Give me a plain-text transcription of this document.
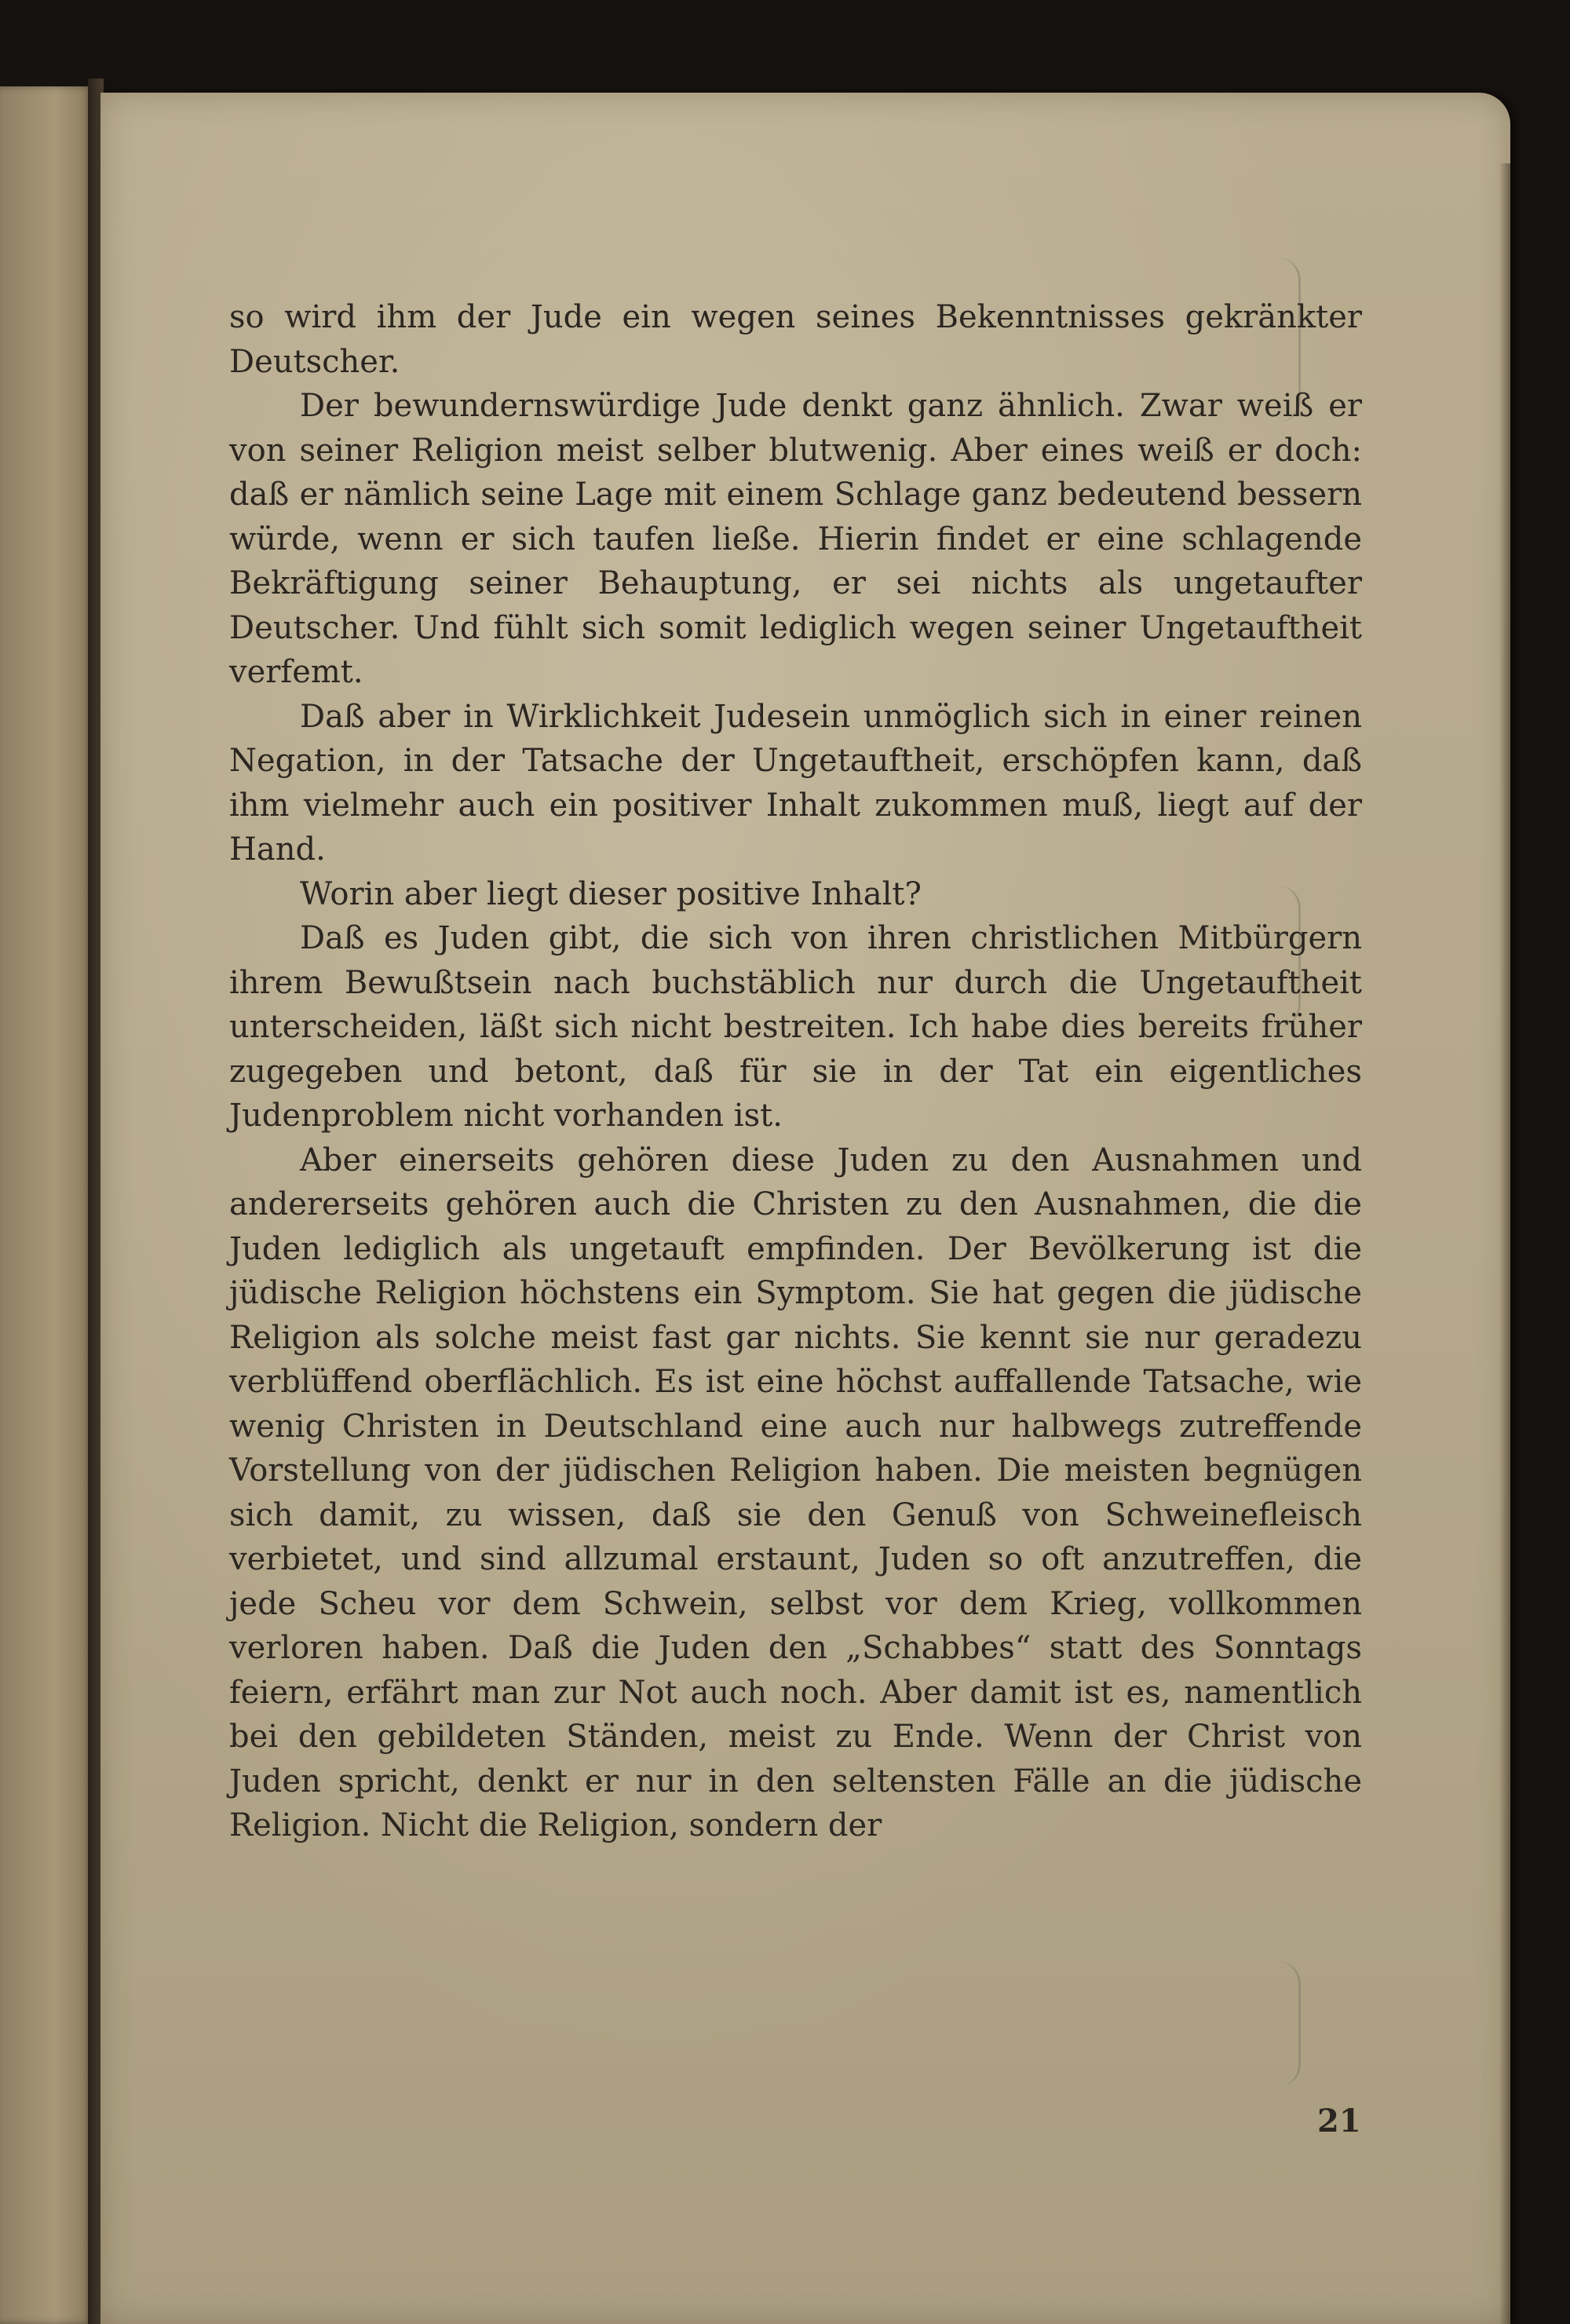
so wird ihm der Jude ein wegen seines Bekenntnisses gekränkter Deutscher.

Der bewundernswürdige Jude denkt ganz ähnlich. Zwar weiß er von seiner Religion meist selber blutwenig. Aber eines weiß er doch: daß er nämlich seine Lage mit einem Schlage ganz bedeutend bessern würde, wenn er sich taufen ließe. Hierin findet er eine schlagende Bekräftigung seiner Behauptung, er sei nichts als ungetaufter Deutscher. Und fühlt sich somit lediglich wegen seiner Ungetauftheit verfemt.

Daß aber in Wirklichkeit Judesein unmöglich sich in einer reinen Negation, in der Tatsache der Ungetauftheit, erschöpfen kann, daß ihm vielmehr auch ein positiver Inhalt zukommen muß, liegt auf der Hand.

Worin aber liegt dieser positive Inhalt?

Daß es Juden gibt, die sich von ihren christlichen Mitbürgern ihrem Bewußtsein nach buchstäblich nur durch die Ungetauftheit unterscheiden, läßt sich nicht bestreiten. Ich habe dies bereits früher zugegeben und betont, daß für sie in der Tat ein eigentliches Judenproblem nicht vorhanden ist.

Aber einerseits gehören diese Juden zu den Ausnahmen und andererseits gehören auch die Christen zu den Ausnahmen, die die Juden lediglich als ungetauft empfinden. Der Bevölkerung ist die jüdische Religion höchstens ein Symptom. Sie hat gegen die jüdische Religion als solche meist fast gar nichts. Sie kennt sie nur geradezu verblüffend oberflächlich. Es ist eine höchst auffallende Tatsache, wie wenig Christen in Deutschland eine auch nur halbwegs zutreffende Vorstellung von der jüdischen Religion haben. Die meisten begnügen sich damit, zu wissen, daß sie den Genuß von Schweinefleisch verbietet, und sind allzumal erstaunt, Juden so oft anzutreffen, die jede Scheu vor dem Schwein, selbst vor dem Krieg, vollkommen verloren haben. Daß die Juden den „Schabbes“ statt des Sonntags feiern, erfährt man zur Not auch noch. Aber damit ist es, namentlich bei den gebildeten Ständen, meist zu Ende. Wenn der Christ von Juden spricht, denkt er nur in den seltensten Fälle an die jüdische Religion. Nicht die Religion, sondern der

21
